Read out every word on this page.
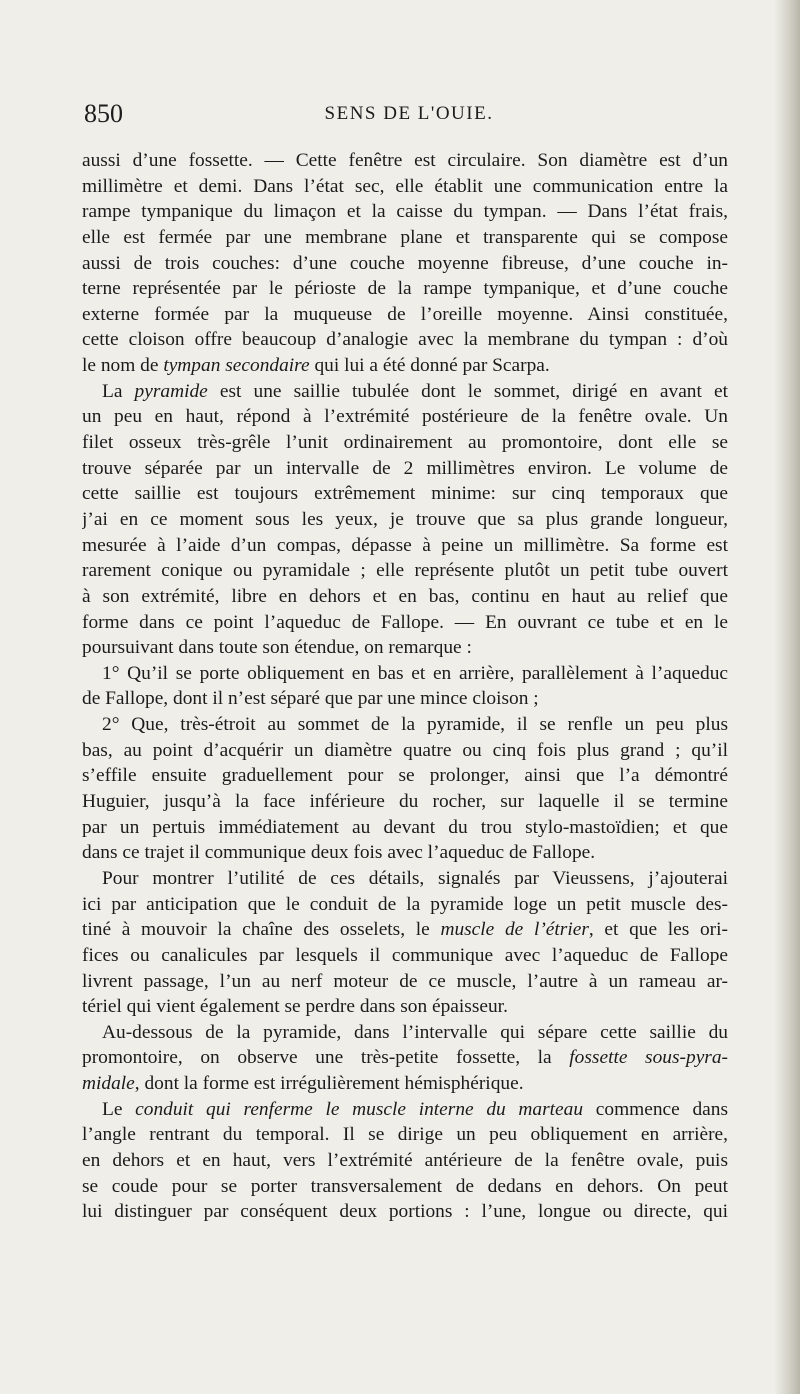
850	SENS DE L'OUIE.
aussi d’une fossette. — Cette fenêtre est circulaire. Son diamètre est d’un
millimètre et demi. Dans l’état sec, elle établit une communication entre la
rampe tympanique du limaçon et la caisse du tympan. — Dans l’état frais,
elle est fermée par une membrane plane et transparente qui se compose
aussi de trois couches: d’une couche moyenne fibreuse, d’une couche in-
terne représentée par le périoste de la rampe tympanique, et d’une couche
externe formée par la muqueuse de l’oreille moyenne. Ainsi constituée,
cette cloison offre beaucoup d’analogie avec la membrane du tympan : d’où
le nom de tympan secondaire qui lui a été donné par Scarpa.
La pyramide est une saillie tubulée dont le sommet, dirigé en avant et
un peu en haut, répond à l’extrémité postérieure de la fenêtre ovale. Un
filet osseux très-grêle l’unit ordinairement au promontoire, dont elle se
trouve séparée par un intervalle de 2 millimètres environ. Le volume de
cette saillie est toujours extrêmement minime: sur cinq temporaux que
j’ai en ce moment sous les yeux, je trouve que sa plus grande longueur,
mesurée à l’aide d’un compas, dépasse à peine un millimètre. Sa forme est
rarement conique ou pyramidale ; elle représente plutôt un petit tube ouvert
à son extrémité, libre en dehors et en bas, continu en haut au relief que
forme dans ce point l’aqueduc de Fallope. — En ouvrant ce tube et en le
poursuivant dans toute son étendue, on remarque :
1° Qu’il se porte obliquement en bas et en arrière, parallèlement à l’aqueduc
de Fallope, dont il n’est séparé que par une mince cloison ;
2° Que, très-étroit au sommet de la pyramide, il se renfle un peu plus
bas, au point d’acquérir un diamètre quatre ou cinq fois plus grand ; qu’il
s’effile ensuite graduellement pour se prolonger, ainsi que l’a démontré
Huguier, jusqu’à la face inférieure du rocher, sur laquelle il se termine
par un pertuis immédiatement au devant du trou stylo-mastoïdien; et que
dans ce trajet il communique deux fois avec l’aqueduc de Fallope.
Pour montrer l’utilité de ces détails, signalés par Vieussens, j’ajouterai
ici par anticipation que le conduit de la pyramide loge un petit muscle des-
tiné à mouvoir la chaîne des osselets, le muscle de l’étrier, et que les ori-
fices ou canalicules par lesquels il communique avec l’aqueduc de Fallope
livrent passage, l’un au nerf moteur de ce muscle, l’autre à un rameau ar-
tériel qui vient également se perdre dans son épaisseur.
Au-dessous de la pyramide, dans l’intervalle qui sépare cette saillie du
promontoire, on observe une très-petite fossette, la fossette sous-pyra-
midale, dont la forme est irrégulièrement hémisphérique.
Le conduit qui renferme le muscle interne du marteau commence dans
l’angle rentrant du temporal. Il se dirige un peu obliquement en arrière,
en dehors et en haut, vers l’extrémité antérieure de la fenêtre ovale, puis
se coude pour se porter transversalement de dedans en dehors. On peut
lui distinguer par conséquent deux portions : l’une, longue ou directe, qui
